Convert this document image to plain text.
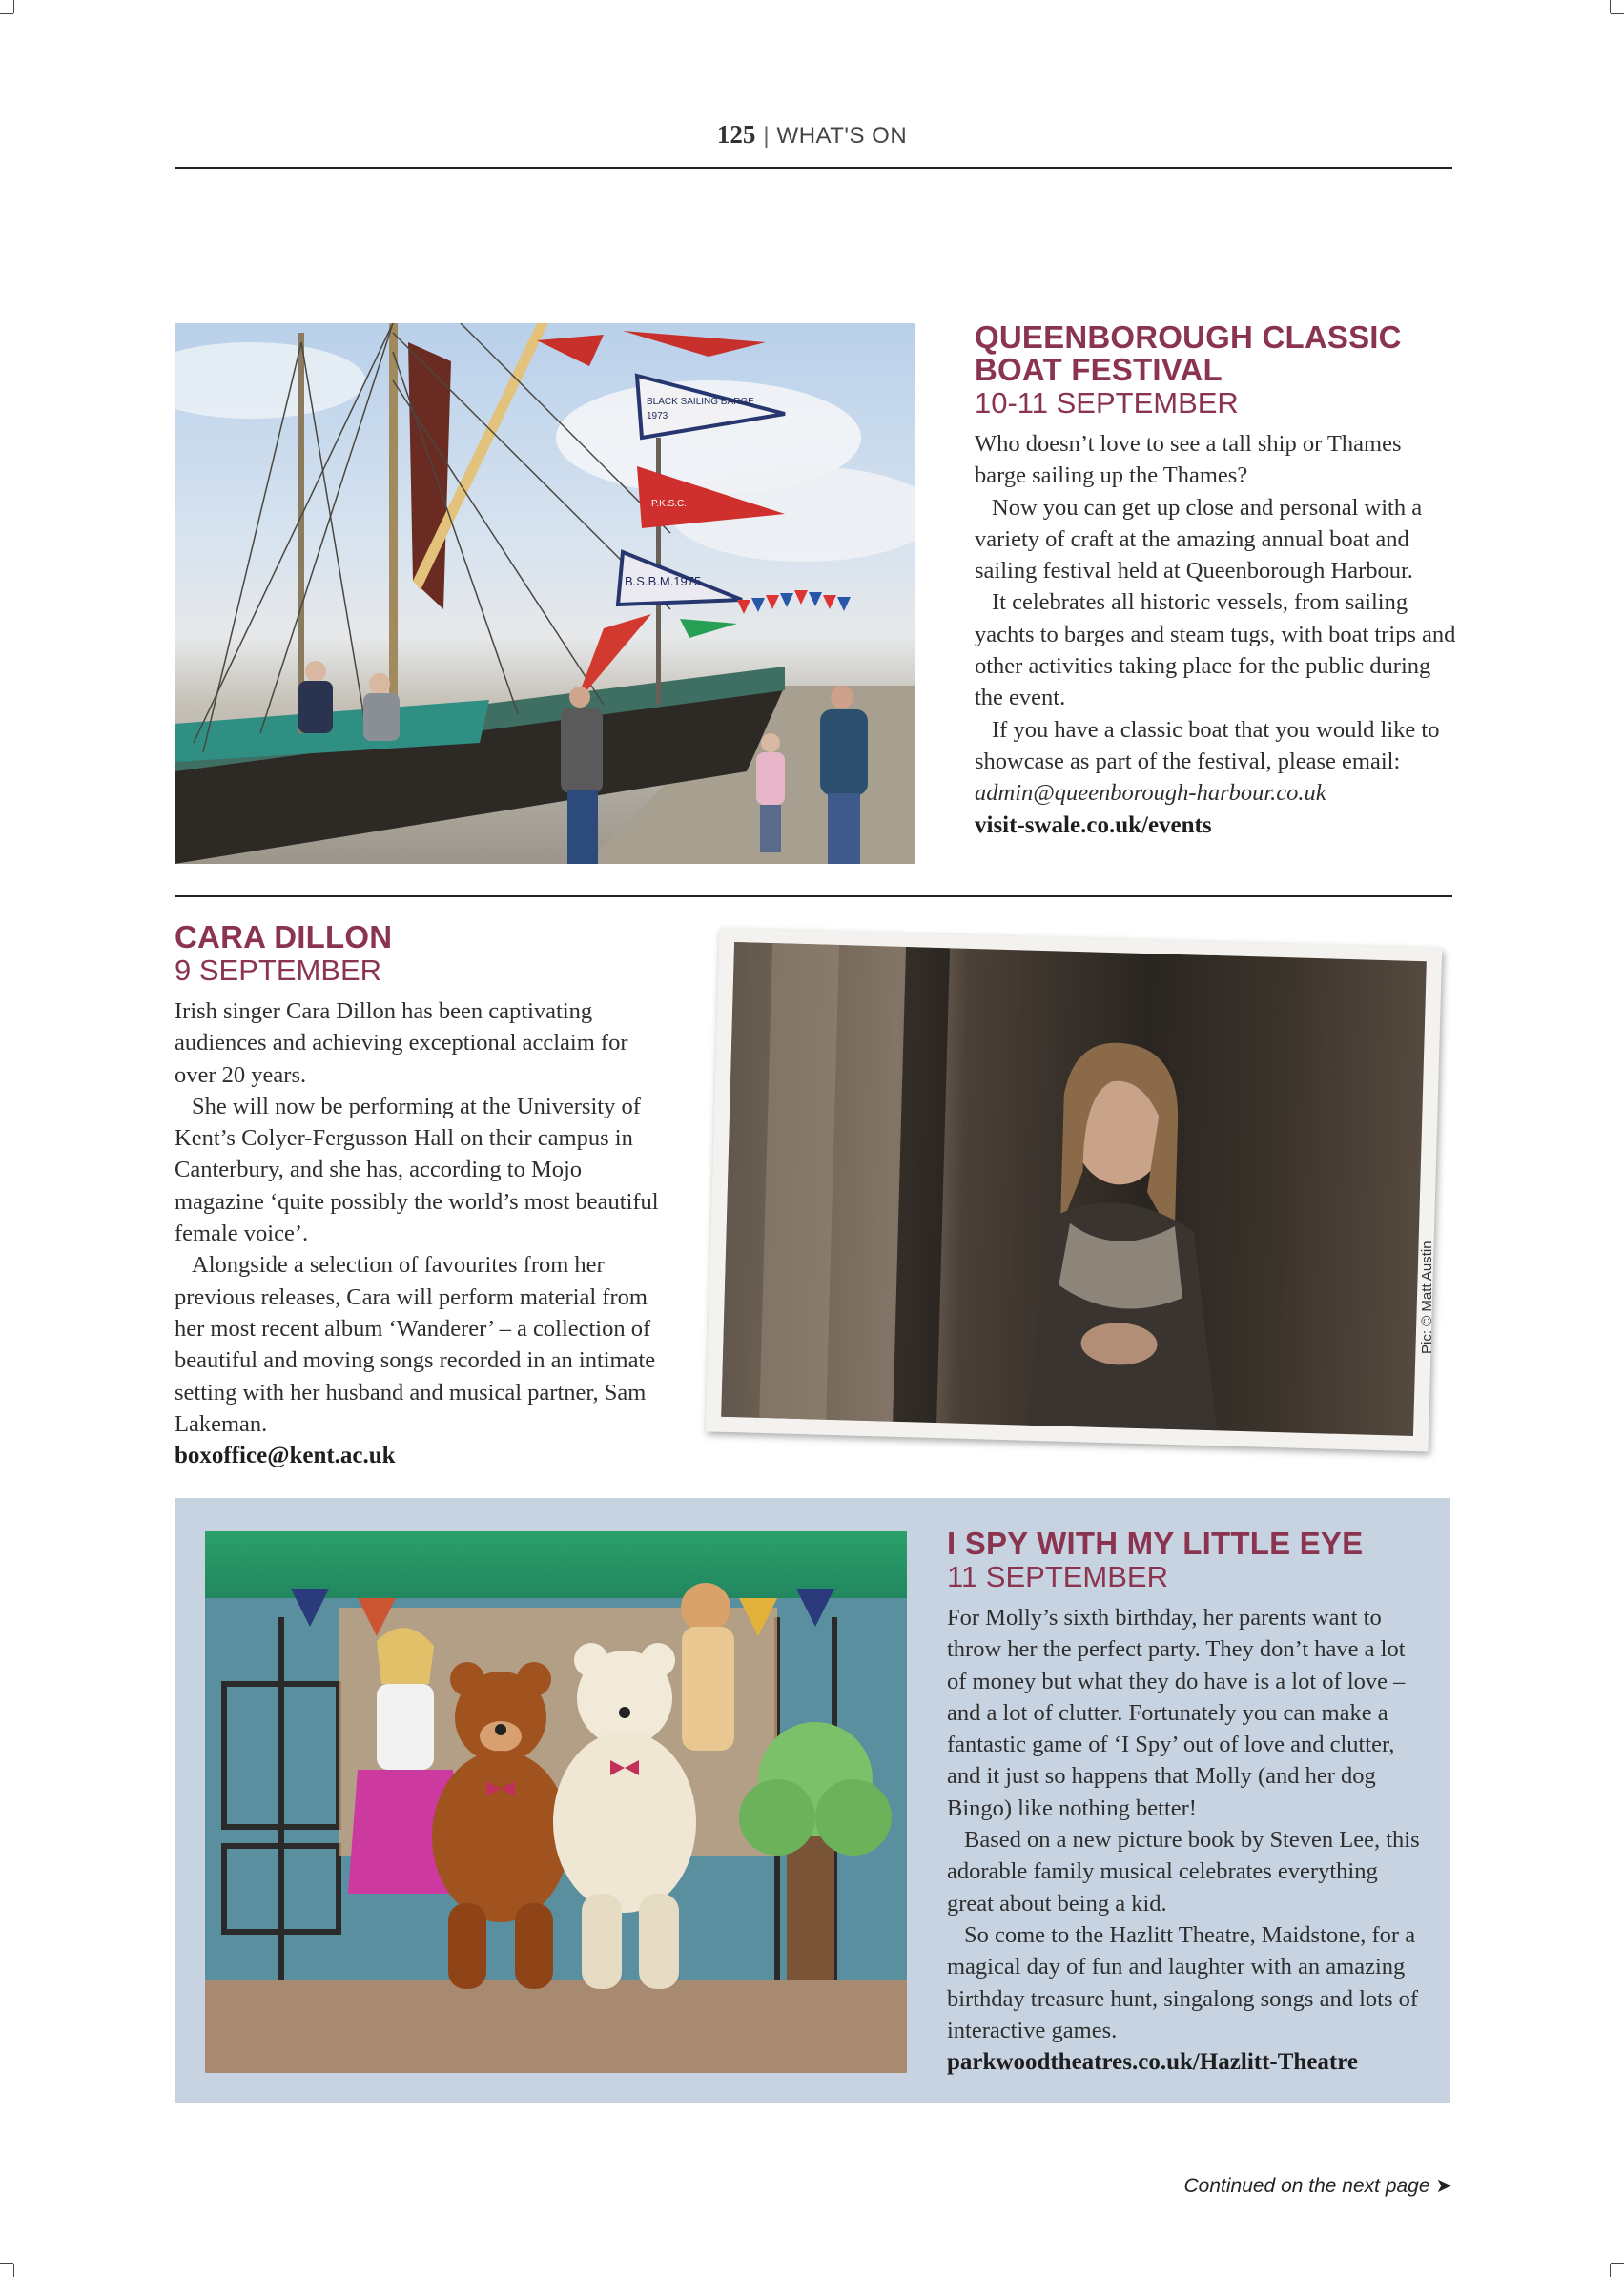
125 | WHAT'S ON
BLACK SAILING BARGE
1973
P.K.S.C.
B.S.B.M.1975
QUEENBOROUGH CLASSIC
BOAT FESTIVAL
10-11 SEPTEMBER

Who doesn’t love to see a tall ship or Thames barge sailing up the Thames?

Now you can get up close and personal with a variety of craft at the amazing annual boat and sailing festival held at Queenborough Harbour.

It celebrates all historic vessels, from sailing yachts to barges and steam tugs, with boat trips and other activities taking place for the public during the event.

If you have a classic boat that you would like to showcase as part of the festival, please email: admin@queenborough-harbour.co.uk

visit-swale.co.uk/events

CARA DILLON
9 SEPTEMBER

Irish singer Cara Dillon has been captivating audiences and achieving exceptional acclaim for over 20 years.

She will now be performing at the University of Kent’s Colyer-Fergusson Hall on their campus in Canterbury, and she has, according to Mojo magazine ‘quite possibly the world’s most beautiful female voice’.

Alongside a selection of favourites from her previous releases, Cara will perform material from her most recent album ‘Wanderer’ – a collection of beautiful and moving songs recorded in an intimate setting with her husband and musical partner, Sam Lakeman.

boxoffice@kent.ac.uk

Pic: © Matt Austin
I SPY WITH MY LITTLE EYE
11 SEPTEMBER

For Molly’s sixth birthday, her parents want to throw her the perfect party. They don’t have a lot of money but what they do have is a lot of love – and a lot of clutter. Fortunately you can make a fantastic game of ‘I Spy’ out of love and clutter, and it just so happens that Molly (and her dog Bingo) like nothing better!

Based on a new picture book by Steven Lee, this adorable family musical celebrates everything great about being a kid.

So come to the Hazlitt Theatre, Maidstone, for a magical day of fun and laughter with an amazing birthday treasure hunt, singalong songs and lots of interactive games.

parkwoodtheatres.co.uk/Hazlitt-Theatre

Continued on the next page ➤
